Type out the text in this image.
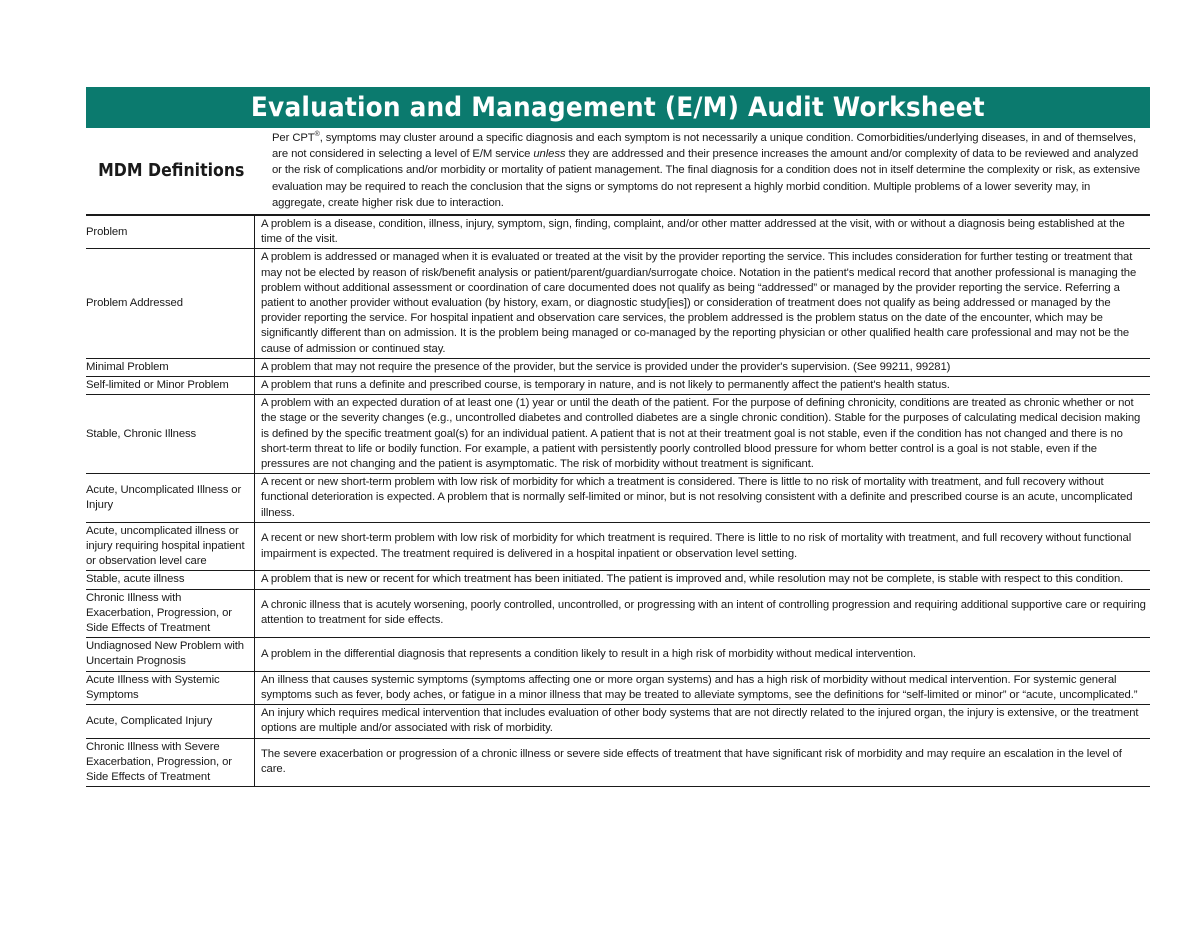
Evaluation and Management (E/M) Audit Worksheet
MDM Definitions
Per CPT®, symptoms may cluster around a specific diagnosis and each symptom is not necessarily a unique condition. Comorbidities/underlying diseases, in and of themselves, are not considered in selecting a level of E/M service unless they are addressed and their presence increases the amount and/or complexity of data to be reviewed and analyzed or the risk of complications and/or morbidity or mortality of patient management. The final diagnosis for a condition does not in itself determine the complexity or risk, as extensive evaluation may be required to reach the conclusion that the signs or symptoms do not represent a highly morbid condition. Multiple problems of a lower severity may, in aggregate, create higher risk due to interaction.
Problem	A problem is a disease, condition, illness, injury, symptom, sign, finding, complaint, and/or other matter addressed at the visit, with or without a diagnosis being established at the time of the visit.
Problem Addressed	A problem is addressed or managed when it is evaluated or treated at the visit by the provider reporting the service. This includes consideration for further testing or treatment that may not be elected by reason of risk/benefit analysis or patient/parent/guardian/surrogate choice. Notation in the patient's medical record that another professional is managing the problem without additional assessment or coordination of care documented does not qualify as being “addressed” or managed by the provider reporting the service. Referring a patient to another provider without evaluation (by history, exam, or diagnostic study[ies]) or consideration of treatment does not qualify as being addressed or managed by the provider reporting the service. For hospital inpatient and observation care services, the problem addressed is the problem status on the date of the encounter, which may be significantly different than on admission. It is the problem being managed or co-managed by the reporting physician or other qualified health care professional and may not be the cause of admission or continued stay.
Minimal Problem	A problem that may not require the presence of the provider, but the service is provided under the provider's supervision. (See 99211, 99281)
Self-limited or Minor Problem	A problem that runs a definite and prescribed course, is temporary in nature, and is not likely to permanently affect the patient's health status.
Stable, Chronic Illness	A problem with an expected duration of at least one (1) year or until the death of the patient. For the purpose of defining chronicity, conditions are treated as chronic whether or not the stage or the severity changes (e.g., uncontrolled diabetes and controlled diabetes are a single chronic condition). Stable for the purposes of calculating medical decision making is defined by the specific treatment goal(s) for an individual patient. A patient that is not at their treatment goal is not stable, even if the condition has not changed and there is no short-term threat to life or bodily function. For example, a patient with persistently poorly controlled blood pressure for whom better control is a goal is not stable, even if the pressures are not changing and the patient is asymptomatic. The risk of morbidity without treatment is significant.
Acute, Uncomplicated Illness or Injury	A recent or new short-term problem with low risk of morbidity for which a treatment is considered. There is little to no risk of mortality with treatment, and full recovery without functional deterioration is expected. A problem that is normally self-limited or minor, but is not resolving consistent with a definite and prescribed course is an acute, uncomplicated illness.
Acute, uncomplicated illness or injury requiring hospital inpatient or observation level care	A recent or new short-term problem with low risk of morbidity for which treatment is required. There is little to no risk of mortality with treatment, and full recovery without functional impairment is expected. The treatment required is delivered in a hospital inpatient or observation level setting.
Stable, acute illness	A problem that is new or recent for which treatment has been initiated. The patient is improved and, while resolution may not be complete, is stable with respect to this condition.
Chronic Illness with Exacerbation, Progression, or Side Effects of Treatment	A chronic illness that is acutely worsening, poorly controlled, uncontrolled, or progressing with an intent of controlling progression and requiring additional supportive care or requiring attention to treatment for side effects.
Undiagnosed New Problem with Uncertain Prognosis	A problem in the differential diagnosis that represents a condition likely to result in a high risk of morbidity without medical intervention.
Acute Illness with Systemic Symptoms	An illness that causes systemic symptoms (symptoms affecting one or more organ systems) and has a high risk of morbidity without medical intervention. For systemic general symptoms such as fever, body aches, or fatigue in a minor illness that may be treated to alleviate symptoms, see the definitions for “self-limited or minor” or “acute, uncomplicated.”
Acute, Complicated Injury	An injury which requires medical intervention that includes evaluation of other body systems that are not directly related to the injured organ, the injury is extensive, or the treatment options are multiple and/or associated with risk of morbidity.
Chronic Illness with Severe Exacerbation, Progression, or Side Effects of Treatment	The severe exacerbation or progression of a chronic illness or severe side effects of treatment that have significant risk of morbidity and may require an escalation in the level of care.
